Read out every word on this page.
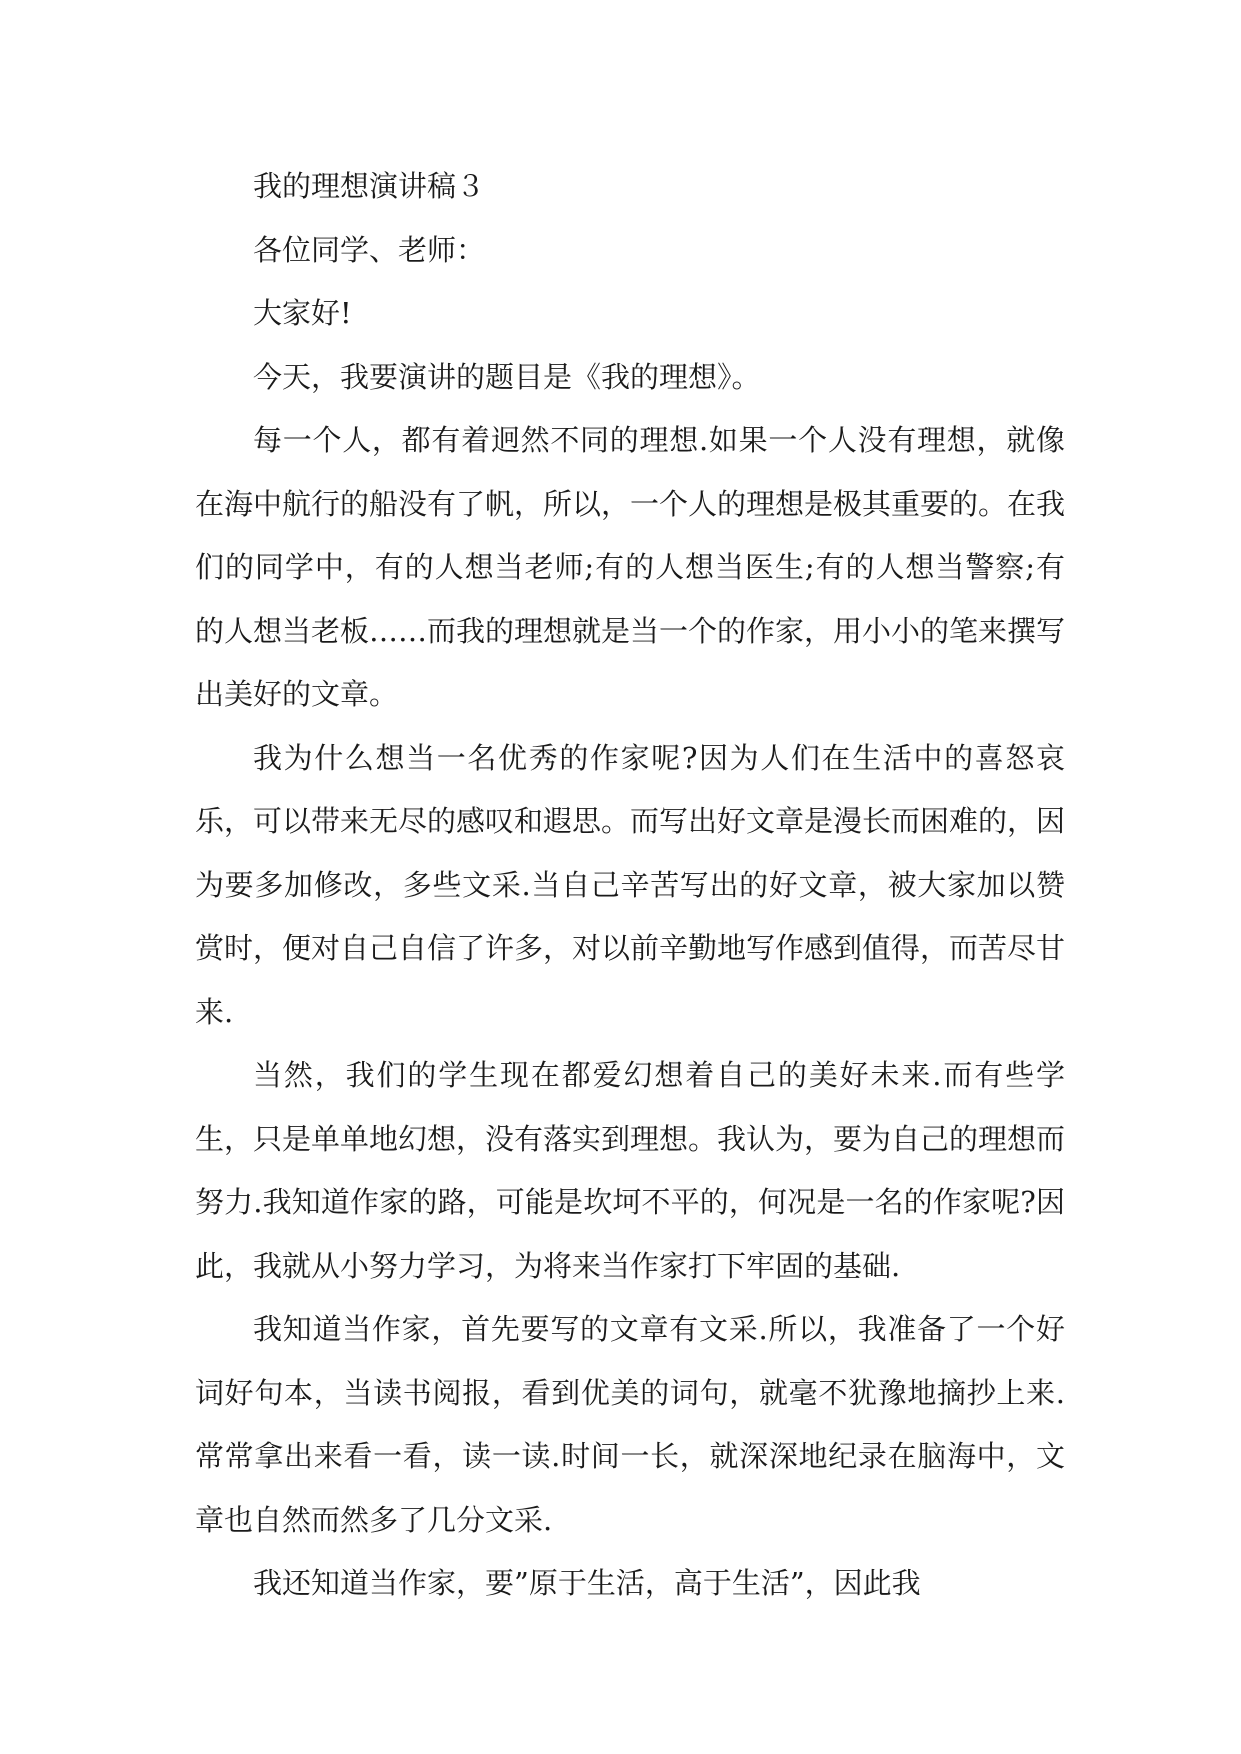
我的理想演讲稿３

各位同学、老师：

大家好!

今天，我要演讲的题目是《我的理想》。

每一个人，都有着迥然不同的理想.如果一个人没有理想，就像在海中航行的船没有了帆，所以，一个人的理想是极其重要的。在我们的同学中，有的人想当老师;有的人想当医生;有的人想当警察;有的人想当老板……而我的理想就是当一个的作家，用小小的笔来撰写出美好的文章。

我为什么想当一名优秀的作家呢?因为人们在生活中的喜怒哀乐，可以带来无尽的感叹和遐思。而写出好文章是漫长而困难的，因为要多加修改，多些文采.当自己辛苦写出的好文章，被大家加以赞赏时，便对自己自信了许多，对以前辛勤地写作感到值得，而苦尽甘来.

当然，我们的学生现在都爱幻想着自己的美好未来.而有些学生，只是单单地幻想，没有落实到理想。我认为，要为自己的理想而努力.我知道作家的路，可能是坎坷不平的，何况是一名的作家呢?因此，我就从小努力学习，为将来当作家打下牢固的基础.

我知道当作家，首先要写的文章有文采.所以，我准备了一个好词好句本，当读书阅报，看到优美的词句，就毫不犹豫地摘抄上来.常常拿出来看一看，读一读.时间一长，就深深地纪录在脑海中，文章也自然而然多了几分文采.

我还知道当作家，要”原于生活，高于生活”，因此我
